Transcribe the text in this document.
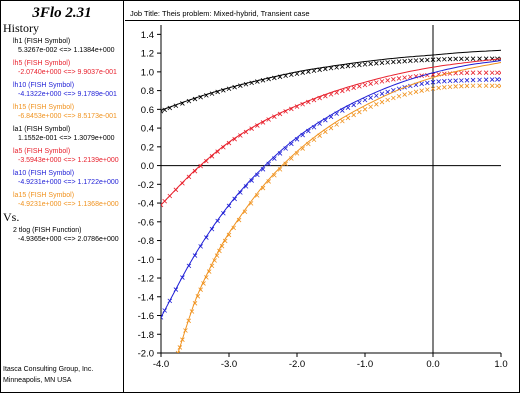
3Flo 2.31
History
lh1 (FISH Symbol)
5.3267e-002 <=> 1.1384e+000
lh5 (FISH Symbol)
-2.0740e+000 <=> 9.9037e-001
lh10 (FISH Symbol)
-4.1322e+000 <=> 9.1789e-001
lh15 (FISH Symbol)
-6.8453e+000 <=> 8.5173e-001
la1 (FISH Symbol)
1.1552e-001 <=> 1.3079e+000
la5 (FISH Symbol)
-3.5943e+000 <=> 1.2139e+000
la10 (FISH Symbol)
-4.9231e+000 <=> 1.1722e+000
la15 (FISH Symbol)
-4.9231e+000 <=> 1.1368e+000
Vs.
2 tlog (FISH Function)
-4.9365e+000 <=> 2.0786e+000
Itasca Consulting Group, Inc.
Minneapolis, MN USA
Job Title: Theis problem: Mixed-hybrid, Transient case
1.4
1.2
1.0
0.8
0.6
0.4
0.2
0.0
-0.2
-0.4
-0.6
-0.8
-1.0
-1.2
-1.4
-1.6
-1.8
-2.0
-4.0	-3.0	-2.0	-1.0	0.0	1.0
